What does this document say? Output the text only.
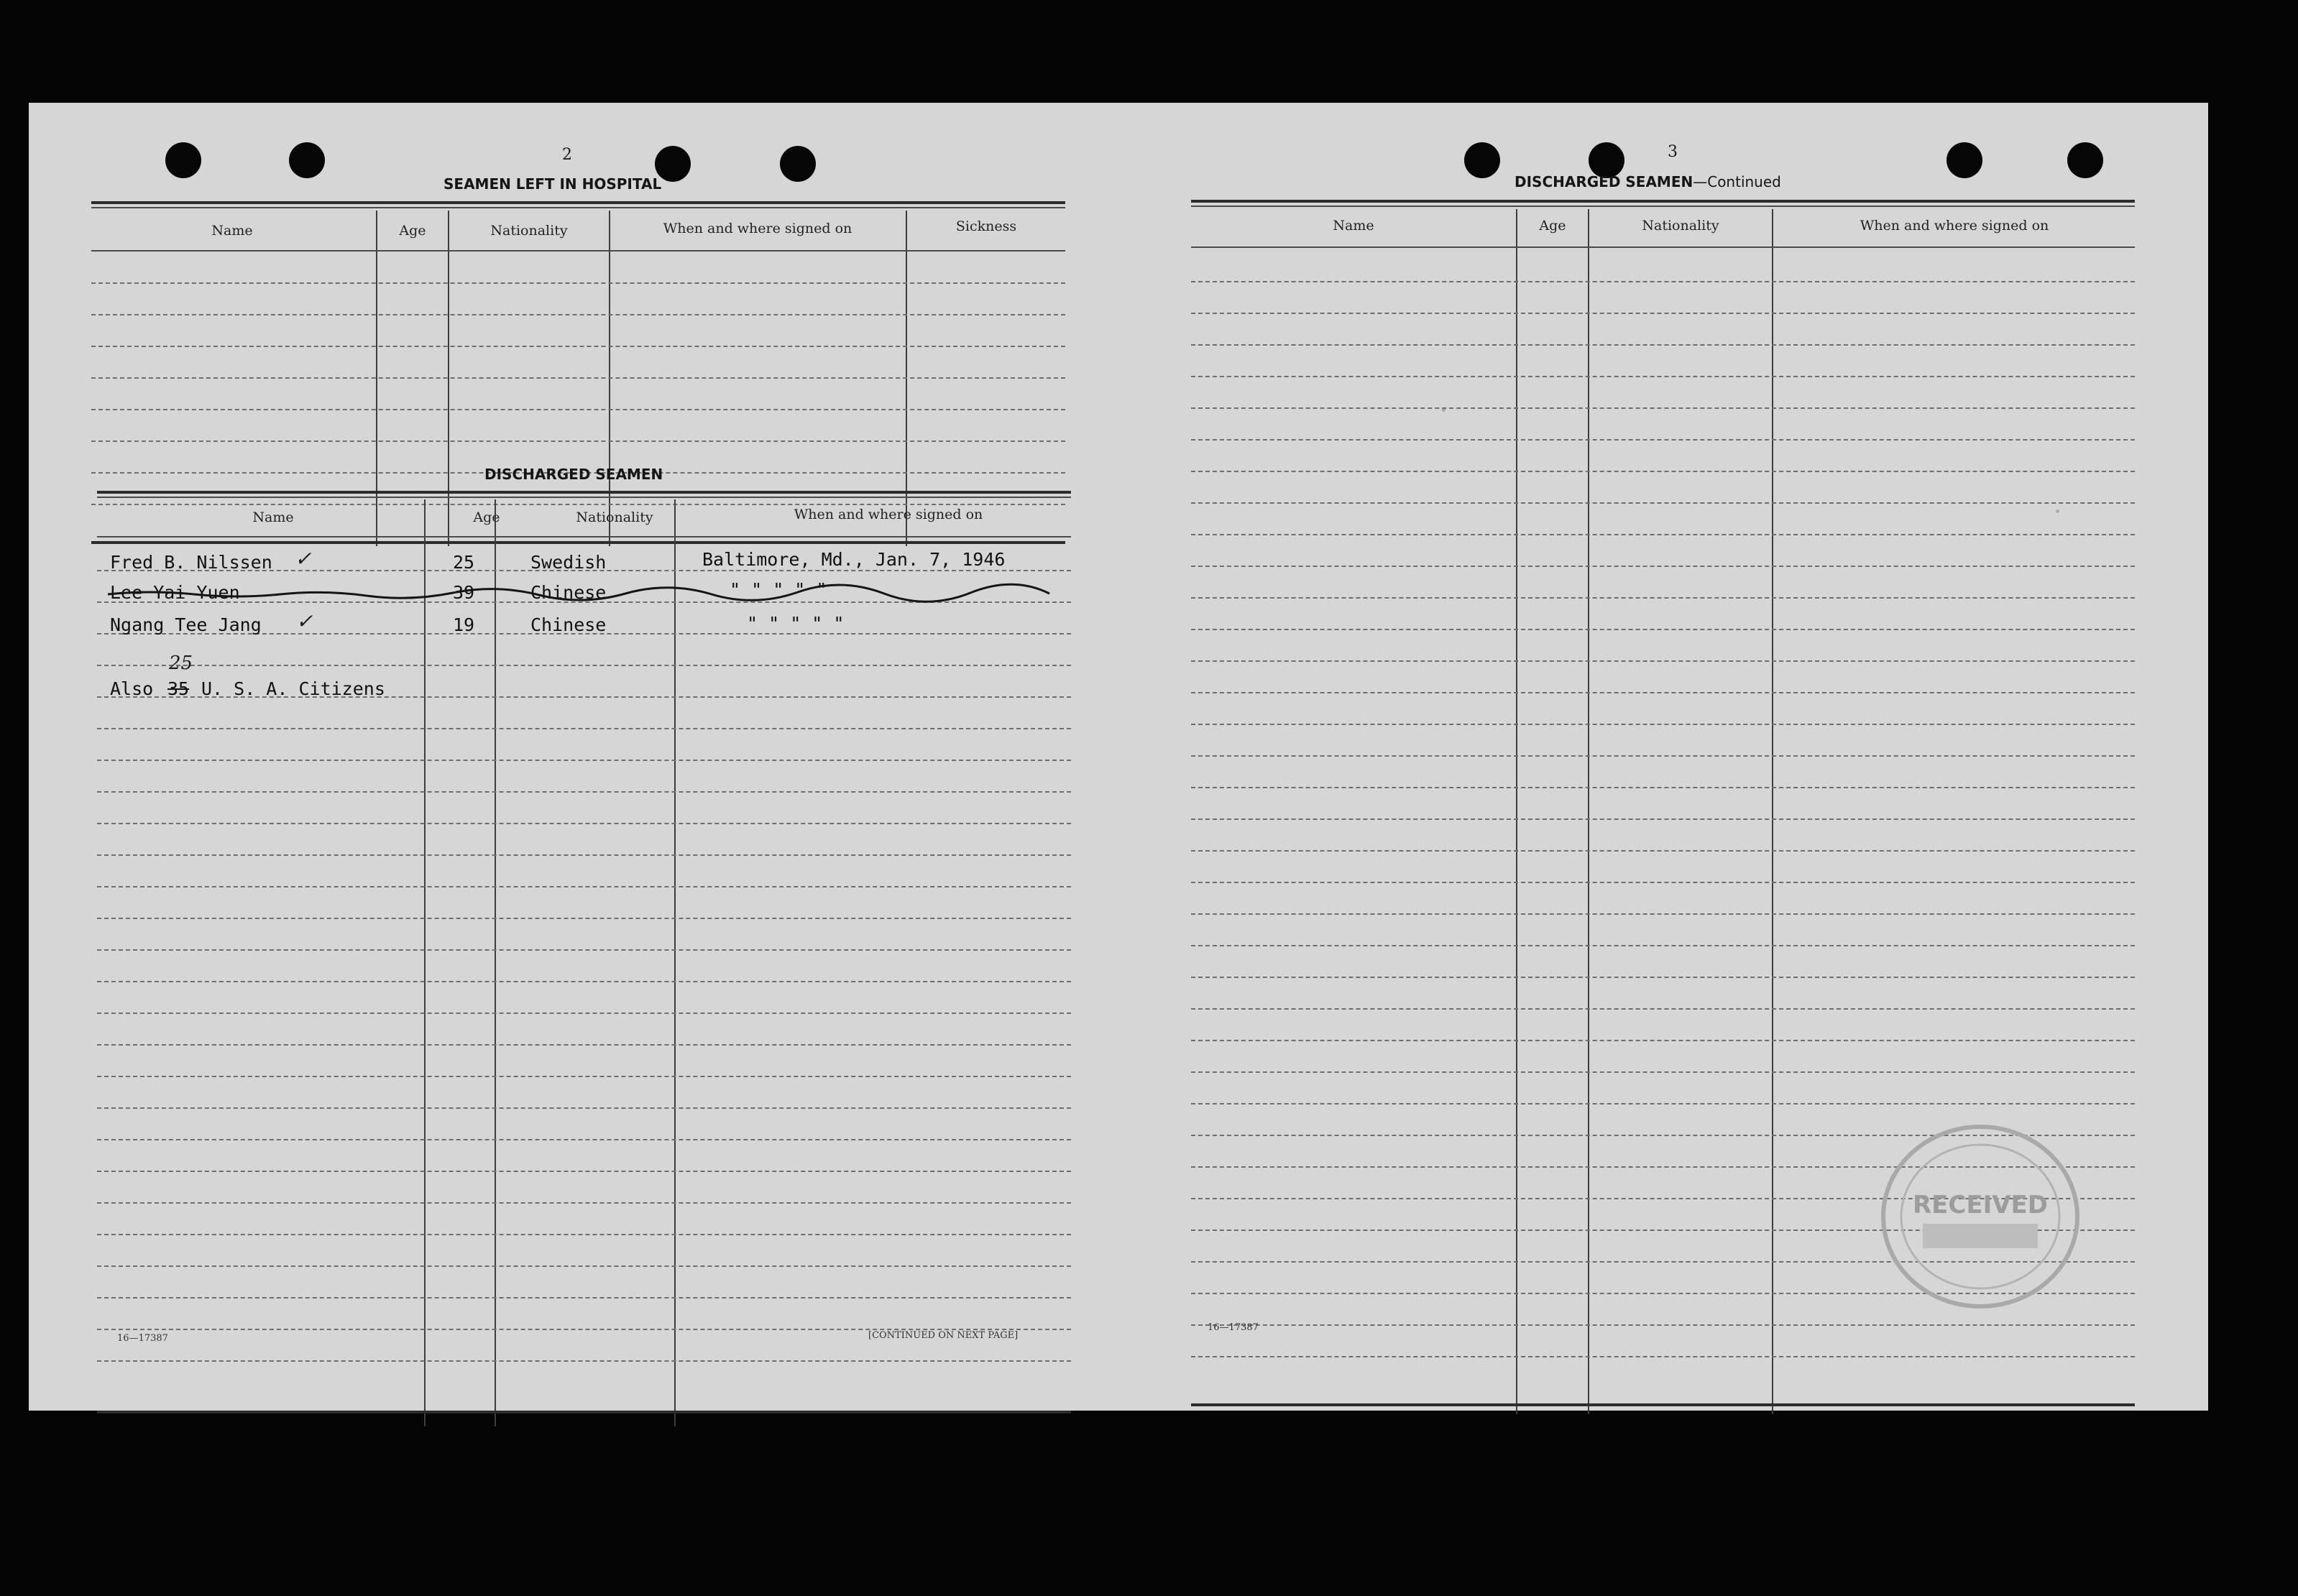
2
SEAMEN LEFT IN HOSPITAL
Name	Age	Nationality	When and where signed on	Sickness
DISCHARGED SEAMEN
Name	Age	Nationality	When and where signed on
Fred B. Nilssen ✓	25	Swedish	Baltimore, Md., Jan. 7, 1946
Lee Yai Yuen	39	Chinese	" " " " "
Ngang Tee Jang ✓	19	Chinese	" " " " "
Also 35
25
U. S. A. Citizens
16—17387	[CONTINUED ON NEXT PAGE]
3
DISCHARGED SEAMEN—Continued
Name	Age	Nationality	When and where signed on
16—17387
RECEIVED
